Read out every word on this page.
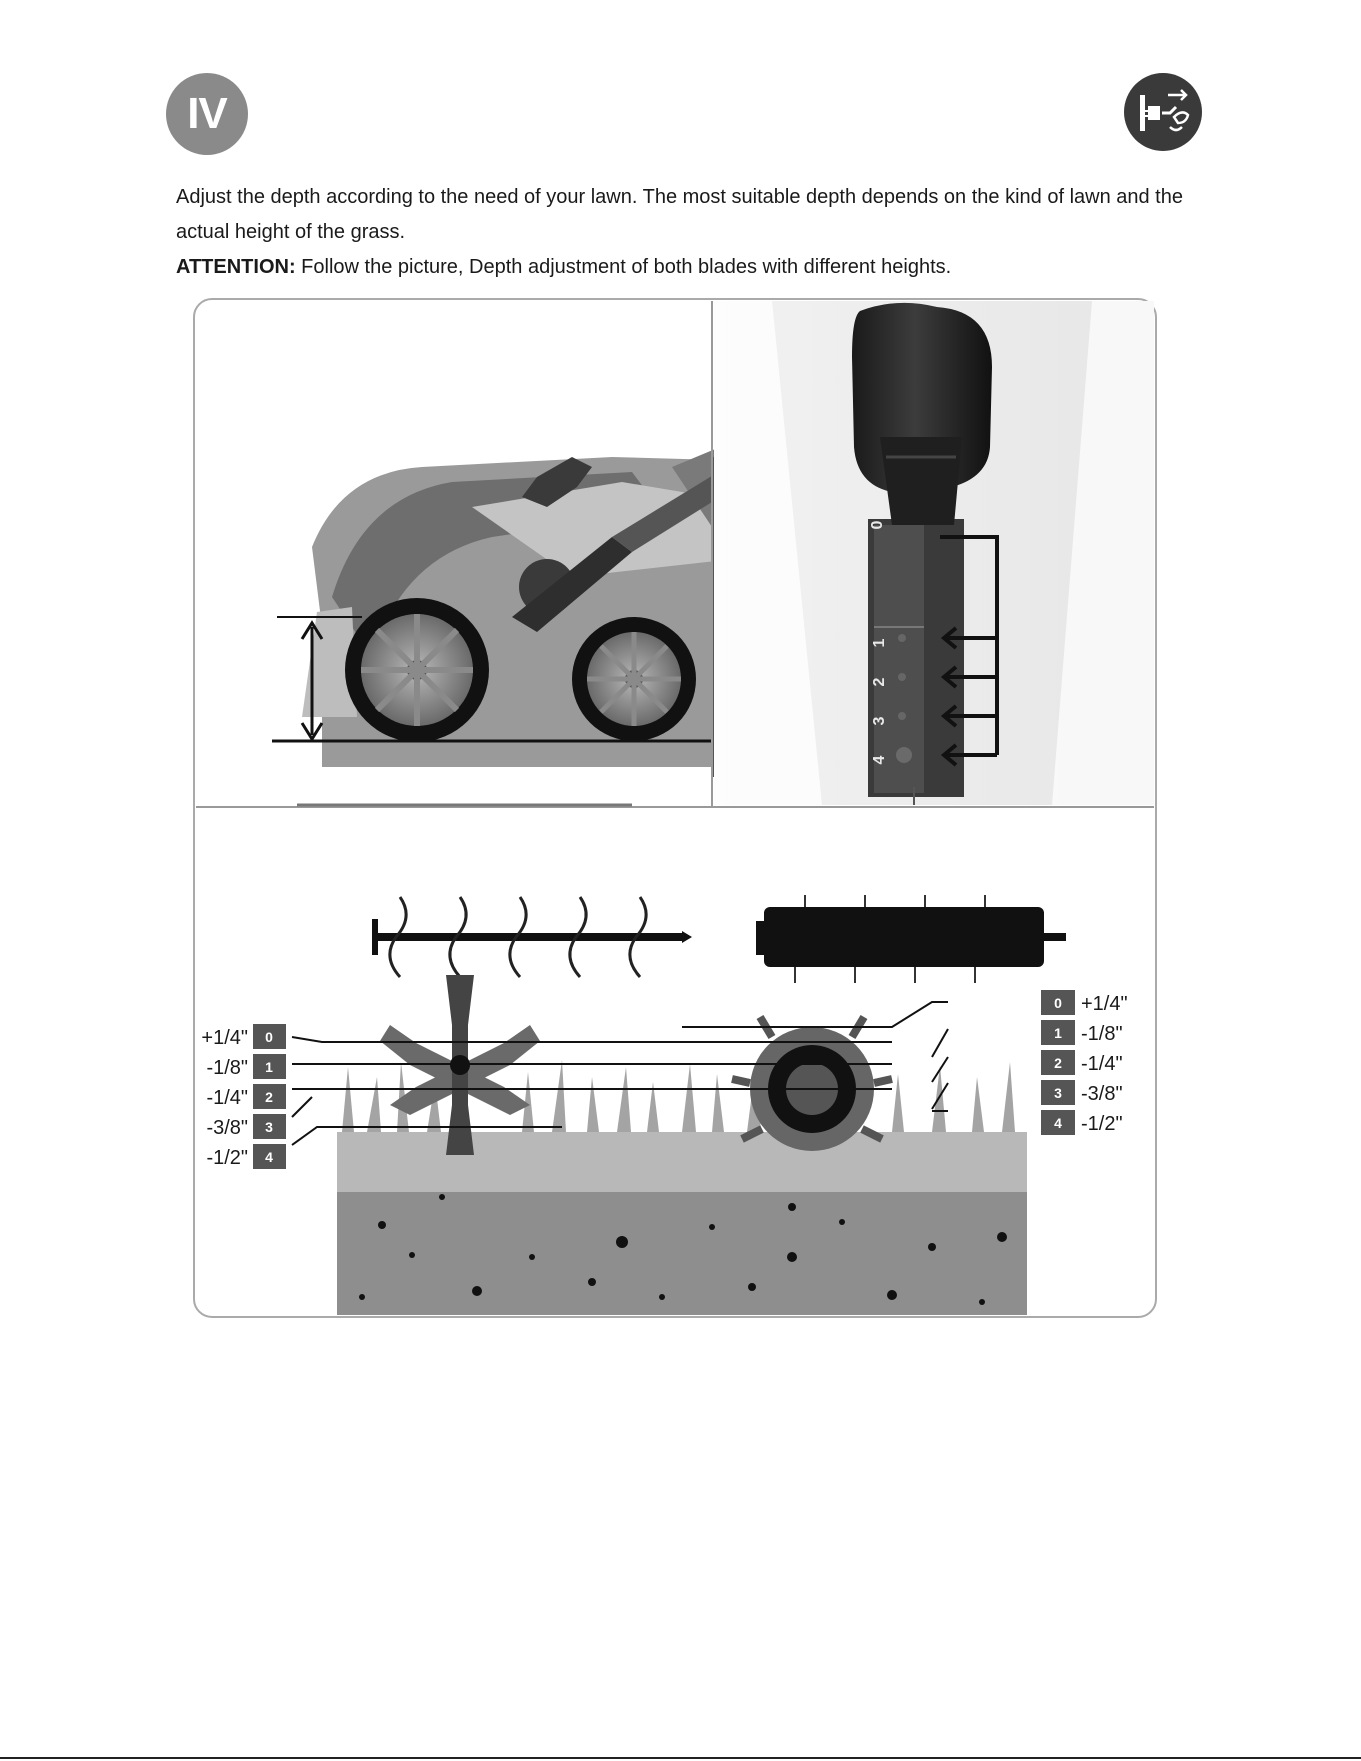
IV

Adjust the depth according to the need of your lawn. The most suitable depth depends on the kind of lawn and the actual height of the grass.

ATTENTION: Follow the picture, Depth adjustment of both blades with different heights.

0
1
2
3
4
0
+1/4"
1
-1/8"
2
-1/4"
3
-3/8"
4
-1/2"
0 +1/4"
1 -1/8"
2 -1/4"
3 -3/8"
4 -1/2"
